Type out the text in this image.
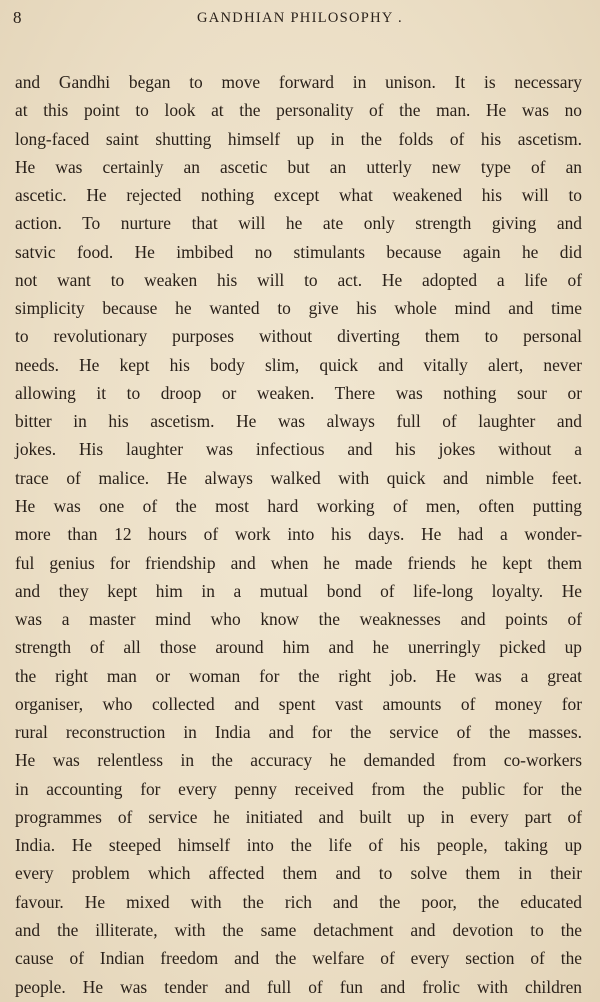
8	GANDHIAN PHILOSOPHY .
and Gandhi began to move forward in unison. It is necessary
at this point to look at the personality of the man. He was no
long-faced saint shutting himself up in the folds of his ascetism.
He was certainly an ascetic but an utterly new type of an
ascetic. He rejected nothing except what weakened his will to
action. To nurture that will he ate only strength giving and
satvic food. He imbibed no stimulants because again he did
not want to weaken his will to act. He adopted a life of
simplicity because he wanted to give his whole mind and time
to revolutionary purposes without diverting them to personal
needs. He kept his body slim, quick and vitally alert, never
allowing it to droop or weaken. There was nothing sour or
bitter in his ascetism. He was always full of laughter and
jokes. His laughter was infectious and his jokes without a
trace of malice. He always walked with quick and nimble feet.
He was one of the most hard working of men, often putting
more than 12 hours of work into his days. He had a wonder-
ful genius for friendship and when he made friends he kept them
and they kept him in a mutual bond of life-long loyalty. He
was a master mind who know the weaknesses and points of
strength of all those around him and he unerringly picked up
the right man or woman for the right job. He was a great
organiser, who collected and spent vast amounts of money for
rural reconstruction in India and for the service of the masses.
He was relentless in the accuracy he demanded from co-workers
in accounting for every penny received from the public for the
programmes of service he initiated and built up in every part of
India. He steeped himself into the life of his people, taking up
every problem which affected them and to solve them in their
favour. He mixed with the rich and the poor, the educated
and the illiterate, with the same detachment and devotion to the
cause of Indian freedom and the welfare of every section of the
people. He was tender and full of fun and frolic with children
